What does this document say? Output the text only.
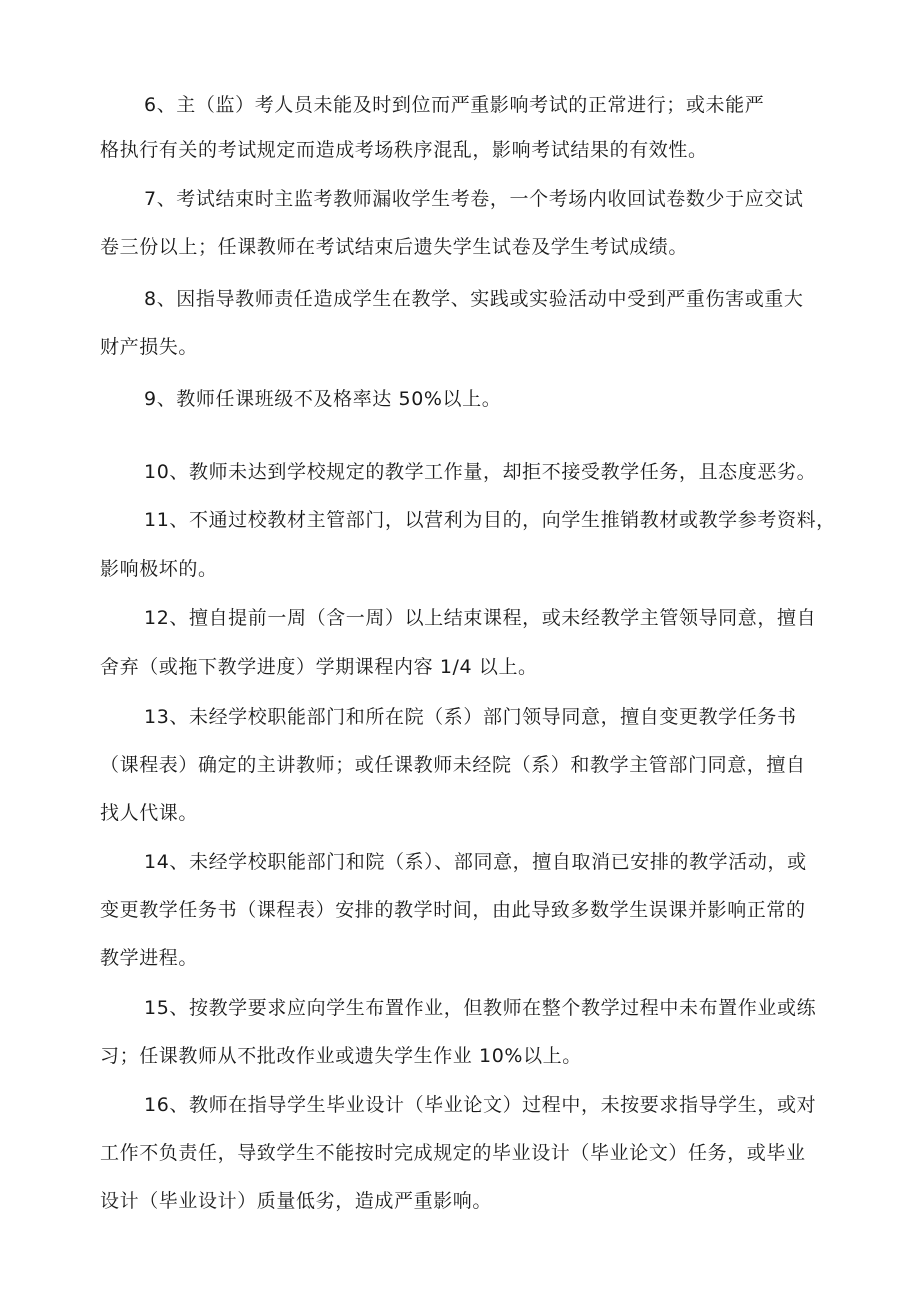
6、主（监）考人员未能及时到位而严重影响考试的正常进行；或未能严
格执行有关的考试规定而造成考场秩序混乱，影响考试结果的有效性。
7、考试结束时主监考教师漏收学生考卷，一个考场内收回试卷数少于应交试
卷三份以上；任课教师在考试结束后遗失学生试卷及学生考试成绩。
8、因指导教师责任造成学生在教学、实践或实验活动中受到严重伤害或重大
财产损失。
9、教师任课班级不及格率达 50%以上。
10、教师未达到学校规定的教学工作量，却拒不接受教学任务，且态度恶劣。
11、不通过校教材主管部门，以营利为目的，向学生推销教材或教学参考资料，
影响极坏的。
12、擅自提前一周（含一周）以上结束课程，或未经教学主管领导同意，擅自
舍弃（或拖下教学进度）学期课程内容 1/4 以上。
13、未经学校职能部门和所在院（系）部门领导同意，擅自变更教学任务书
（课程表）确定的主讲教师；或任课教师未经院（系）和教学主管部门同意，擅自
找人代课。
14、未经学校职能部门和院（系）、部同意，擅自取消已安排的教学活动，或
变更教学任务书（课程表）安排的教学时间，由此导致多数学生误课并影响正常的
教学进程。
15、按教学要求应向学生布置作业，但教师在整个教学过程中未布置作业或练
习；任课教师从不批改作业或遗失学生作业 10%以上。
16、教师在指导学生毕业设计（毕业论文）过程中，未按要求指导学生，或对
工作不负责任，导致学生不能按时完成规定的毕业设计（毕业论文）任务，或毕业
设计（毕业设计）质量低劣，造成严重影响。
